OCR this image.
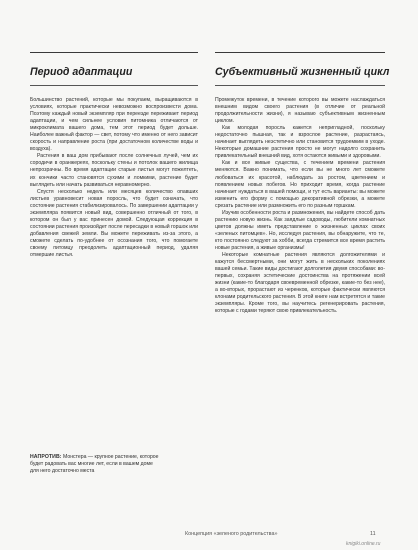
Период адаптации

Большинство растений, которые мы покупаем, выращиваются в условиях, которые практически невозможно воспроизвести дома. Поэтому каждый новый экземпляр при переезде переживает период адаптации, и чем сильнее условия питомника отличаются от микроклимата вашего дома, тем этот период будет дольше. Наиболее важный фактор — свет, потому что именно от него зависит скорость и направление роста (при достаточном количестве воды и воздуха).

Растения в ваш дом прибывают после солнечных лучей, чем их сородичи в оранжереях, поскольку стены и потолок вашего жилища непрозрачны. Во время адаптации старые листья могут пожелтеть, их кончики часто становятся сухими и ломкими, растение будет выглядеть или начать развиваться неравномерно.

Спустя несколько недель или месяцев количество опавших листьев уравновесит новая поросль, что будет означать, что состояние растения стабилизировалось. По завершении адаптации у экземпляра появится новый вид, совершенно отличный от того, в котором он был у вас принесен домой. Следующая коррекция в состоянии растения произойдет после пересадки в новый горшок или добавления свежей земли. Вы можете переживать из-за этого, а сможете сделать по-удобнее от осознания того, что помогаете своему питомцу преодолеть адаптационный период, удаляя отмершие листья.

НАПРОТИВ: Монстера — крупное растение, которое будет радовать вас многие лет, если в вашем доме для него достаточно места

Субъективный жизненный цикл

Промежуток времени, в течение которого вы можете наслаждаться внешним видом своего растения (в отличие от реальной продолжительности жизни), я называю субъективным жизненным циклом.

Как молодая поросль кажется непригладной, поскольку недостаточно пышная, так и взрослое растение, разрастаясь, начинает выглядеть неэстетично или становится трудоемким в уходе. Некоторые домашние растения просто не могут надолго сохранить привлекательный внешний вид, хотя остаются живыми и здоровыми.

Как и все живые существа, с течением времени растения меняются. Важно понимать, что если вы не много лет сможете любоваться их красотой, наблюдать за ростом, цветением и появлением новых побегов. Но приходит время, когда растение начинает нуждаться в вашей помощи, и тут есть варианты: вы можете изменить его форму с помощью декоративной обрезки, а можете срезать растение или размножить его по разным горшкам.

Изучив особенности роста и размножения, вы найдете способ дать растению новую жизнь. Как заядлые садоводы, любители комнатных цветов должны иметь представление о жизненных циклах своих «зеленых питомцев». Но, исследуя растения, вы обнаружите, что те, кто постоянно следуют за хобби, всегда стремится все время растить новые растения, а живые организмы!

Некоторые комнатные растения являются долгожителями и кажутся бессмертными, они могут жить в нескольких поколениях вашей семьи. Такие виды достигают долголетия двумя способами: во-первых, сохраняя эстетические достоинства на протяжении всей жизни (какие-то благодаря своевременной обрезке, какие-то без нее), а во-вторых, прорастают из чеpенков, которые фактически являются клонами родительского растения. В этой книге нам встретятся и такие экземпляры. Кроме того, вы научитесь регенерировать растения, которые с годами теряют свою привлекательность.

Концепция «зеленого родительства»	11
knigiki.online.ru
